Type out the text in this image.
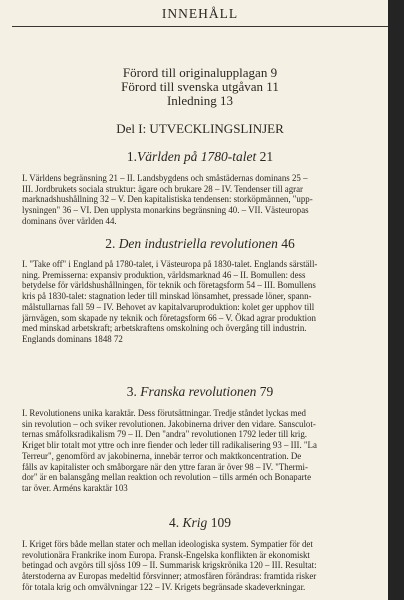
INNEHÅLL
Förord till originalupplagan 9
Förord till svenska utgåvan 11
Inledning 13
Del I: UTVECKLINGSLINJER
1.Världen på 1780-talet 21
I. Världens begränsning 21 – II. Landsbygdens och småstädernas dominans 25 –
III. Jordbrukets sociala struktur: ägare och brukare 28 – IV. Tendenser till agrar
marknadshushållning 32 – V. Den kapitalistiska tendensen: storköpmännen, "upp-
lysningen" 36 – VI. Den upplysta monarkins begränsning 40. – VII. Västeuropas
dominans över världen 44.
2. Den industriella revolutionen 46
I. "Take off" i England på 1780-talet, i Västeuropa på 1830-talet. Englands särställ-
ning. Premisserna: expansiv produktion, världsmarknad 46 – II. Bomullen: dess
betydelse för världshushållningen, för teknik och företagsform 54 – III. Bomullens
kris på 1830-talet: stagnation leder till minskad lönsamhet, pressade löner, spann-
målstullarnas fall 59 – IV. Behovet av kapitalvaruproduktion: kolet ger upphov till
järnvägen, som skapade ny teknik och företagsform 66 – V. Ökad agrar produktion
med minskad arbetskraft; arbetskraftens omskolning och övergång till industrin.
Englands dominans 1848 72
3. Franska revolutionen 79
I. Revolutionens unika karaktär. Dess förutsättningar. Tredje ståndet lyckas med
sin revolution – och sviker revolutionen. Jakobinerna driver den vidare. Sansculot-
ternas småfolksradikalism 79 – II. Den "andra" revolutionen 1792 leder till krig.
Kriget blir totalt mot yttre och inre fiender och leder till radikalisering 93 – III. "La
Terreur", genomförd av jakobinerna, innebär terror och maktkoncentration. De
fålls av kapitalister och småborgare när den yttre faran är över 98 – IV. "Thermi-
dor" är en balansgång mellan reaktion och revolution – tills armén och Bonaparte
tar över. Arméns karaktär 103
4. Krig 109
I. Kriget förs både mellan stater och mellan ideologiska system. Sympatier för det
revolutionära Frankrike inom Europa. Fransk-Engelska konflikten är ekonomiskt
betingad och avgörs till sjöss 109 – II. Summarisk krigskrönika 120 – III. Resultat:
återstoderna av Europas medeltid försvinner; atmosfären förändras: framtida risker
för totala krig och omvälvningar 122 – IV. Krigets begränsade skadeverkningar.
